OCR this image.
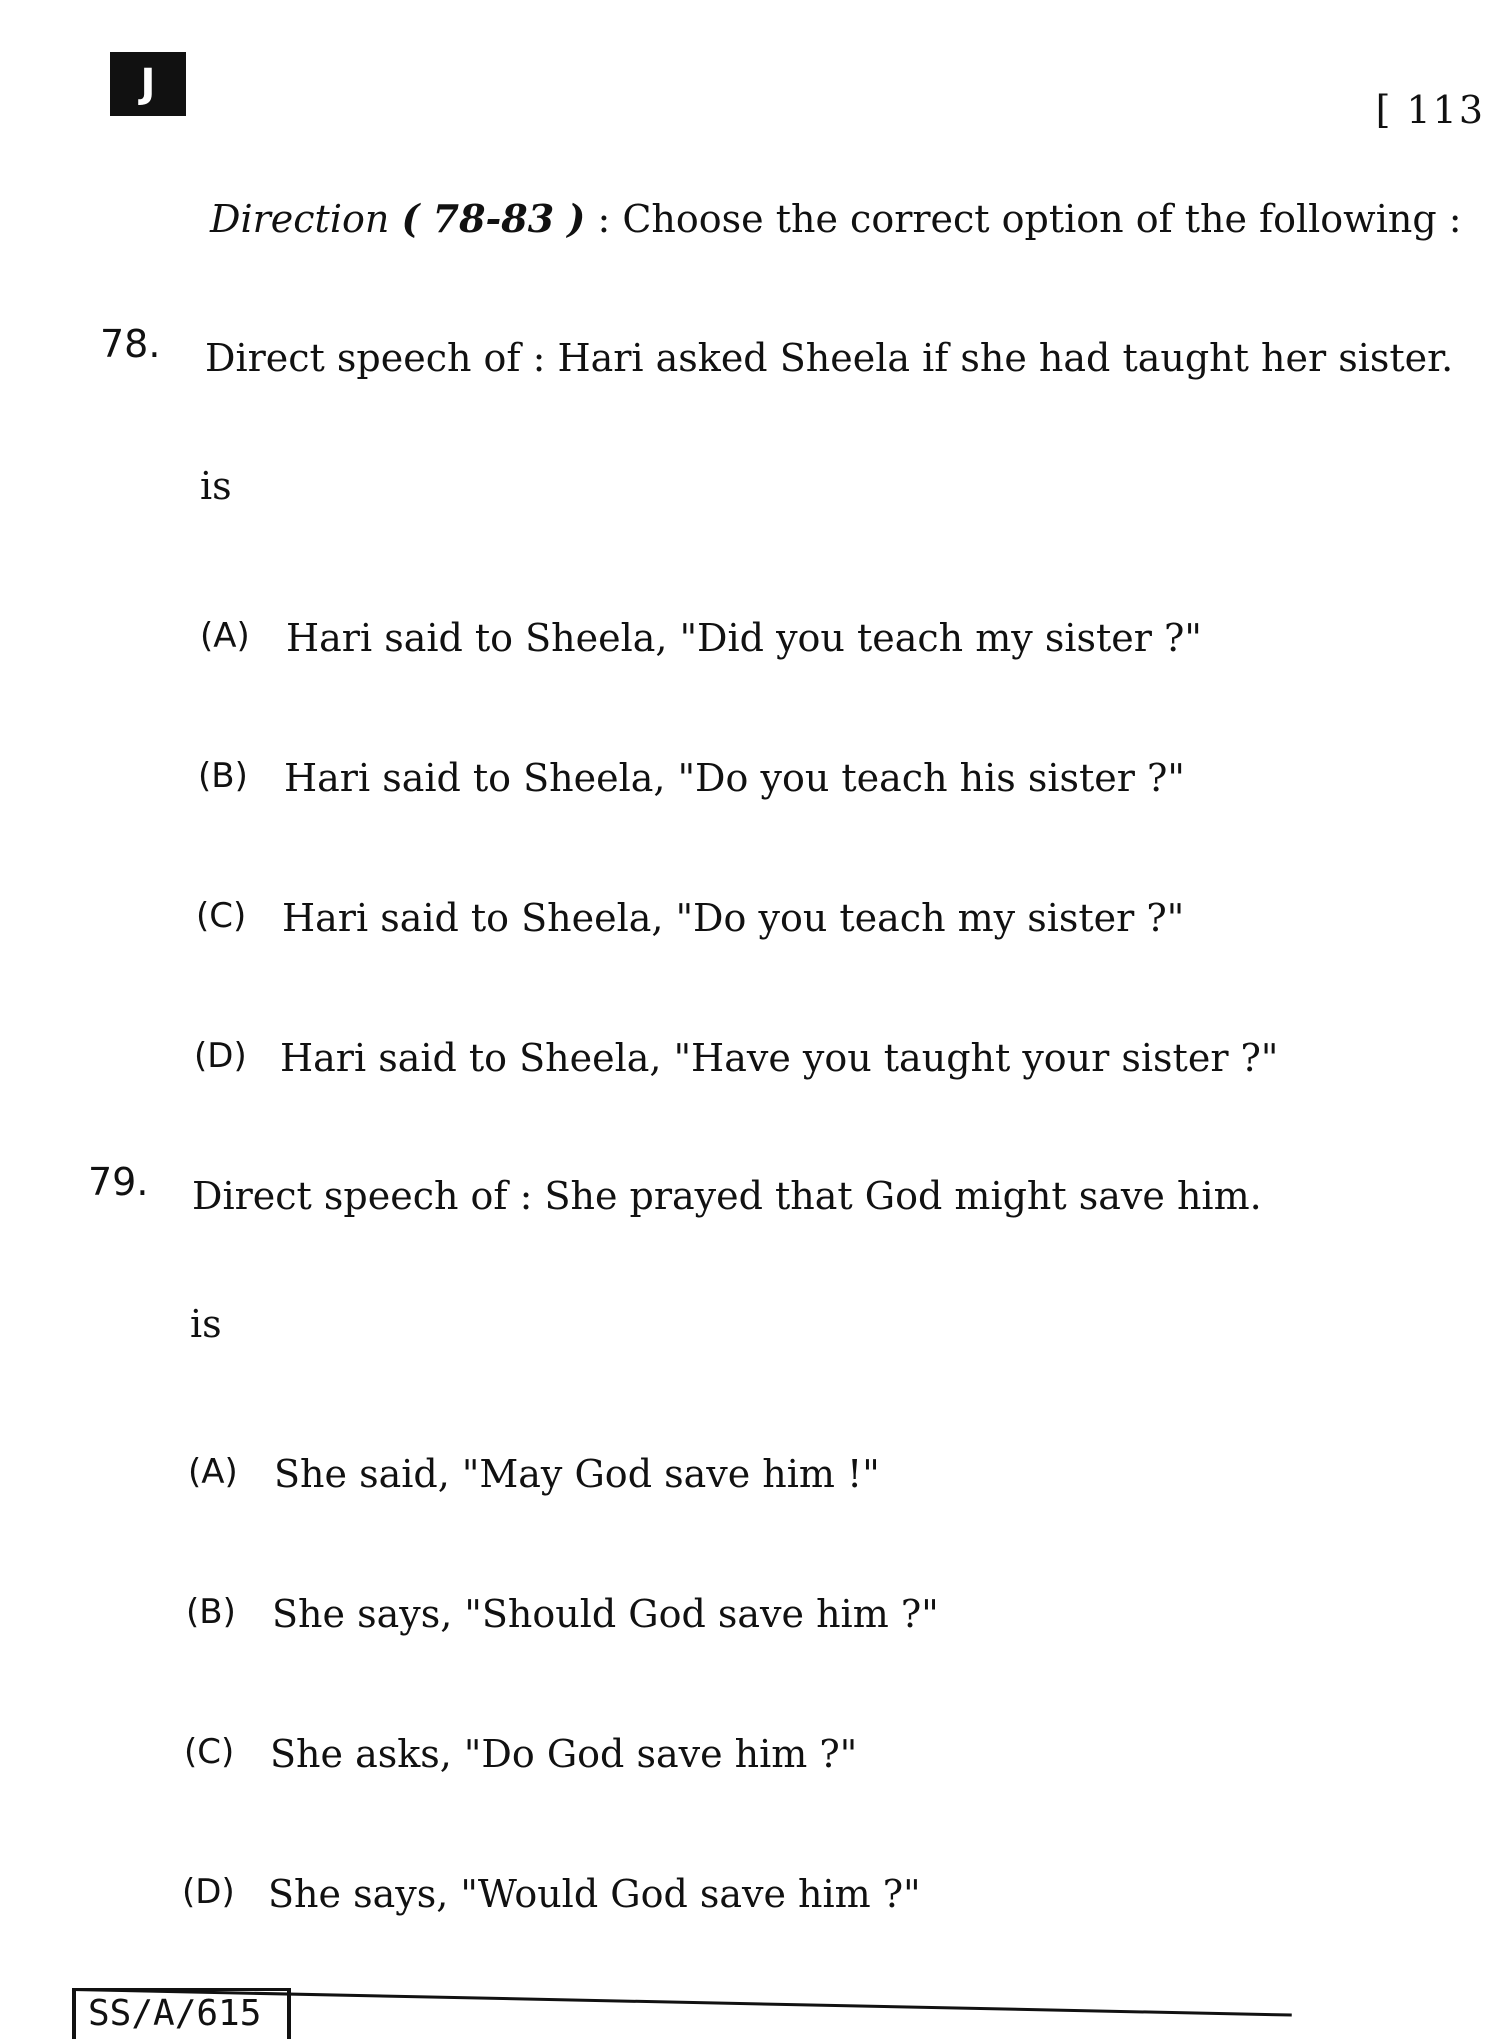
J
[ 113
Direction ( 78-83 ) : Choose the correct option of the following :
78. Direct speech of : Hari asked Sheela if she had taught her sister.
is
(A) Hari said to Sheela, "Did you teach my sister ?"
(B) Hari said to Sheela, "Do you teach his sister ?"
(C) Hari said to Sheela, "Do you teach my sister ?"
(D) Hari said to Sheela, "Have you taught your sister ?"
79. Direct speech of : She prayed that God might save him.
is
(A) She said, "May God save him !"
(B) She says, "Should God save him ?"
(C) She asks, "Do God save him ?"
(D) She says, "Would God save him ?"
SS/A/615
